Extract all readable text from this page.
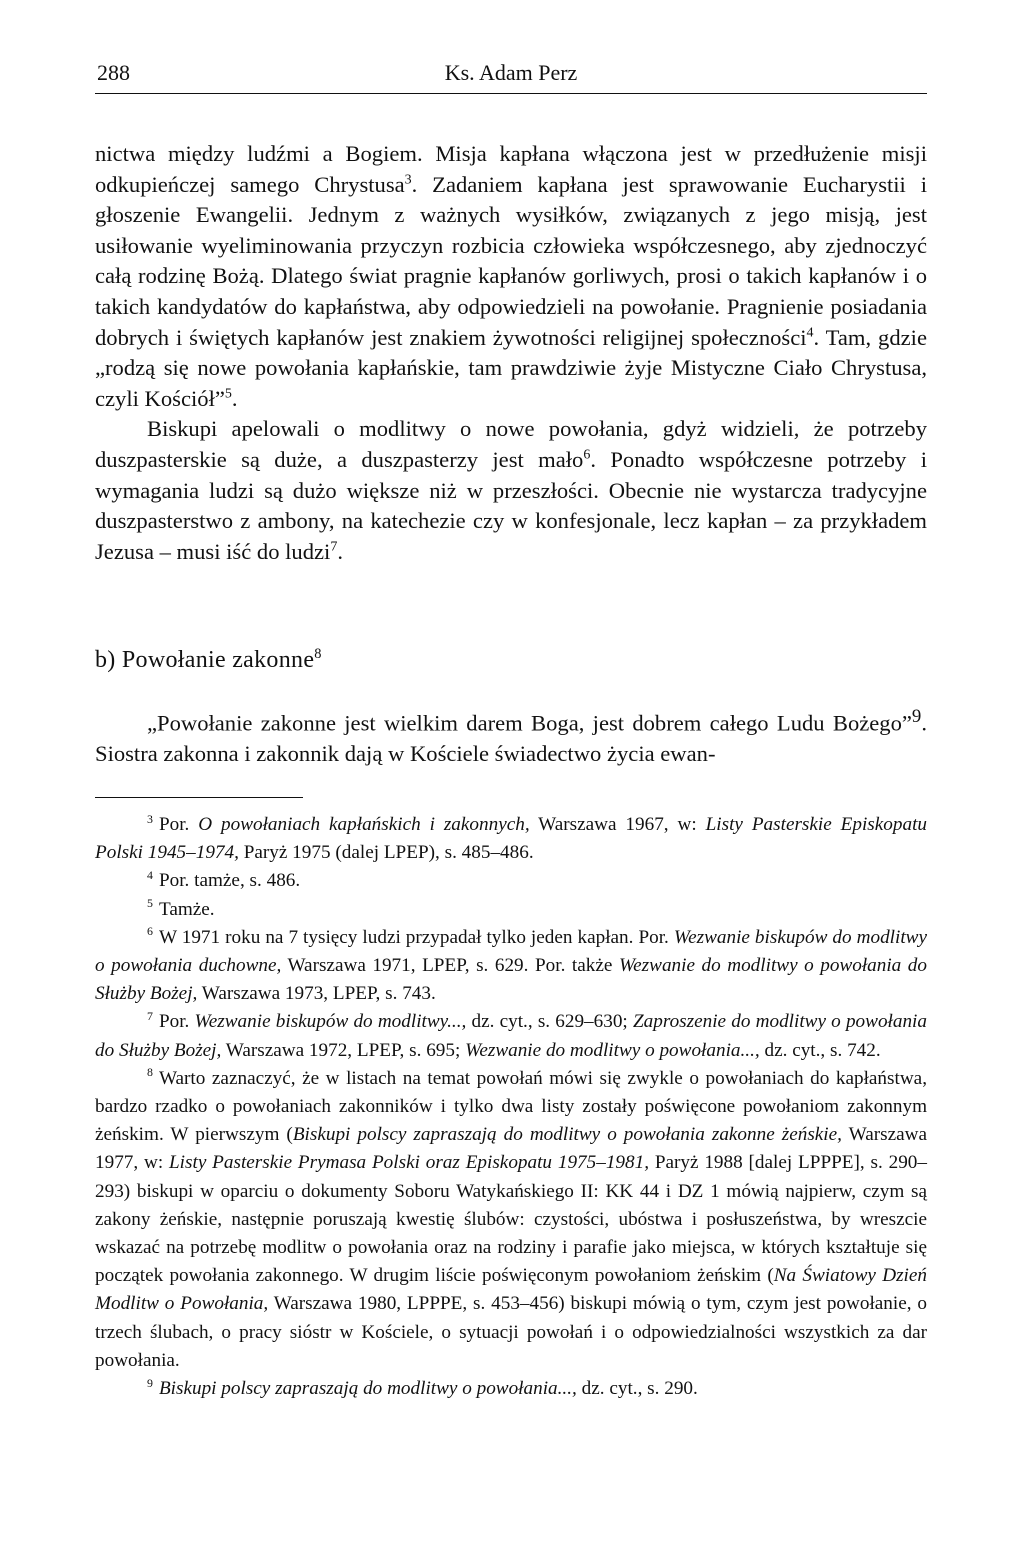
288	Ks. Adam Perz

nictwa między ludźmi a Bogiem. Misja kapłana włączona jest w przedłużenie misji odkupieńczej samego Chrystusa$^3$. Zadaniem kapłana jest sprawowanie Eucharystii i głoszenie Ewangelii. Jednym z ważnych wysiłków, związanych z jego misją, jest usiłowanie wyeliminowania przyczyn rozbicia człowieka współczesnego, aby zjednoczyć całą rodzinę Bożą. Dlatego świat pragnie kapłanów gorliwych, prosi o takich kapłanów i o takich kandydatów do kapłaństwa, aby odpowiedzieli na powołanie. Pragnienie posiadania dobrych i świętych kapłanów jest znakiem żywotności religijnej społeczności$^4$. Tam, gdzie „rodzą się nowe powołania kapłańskie, tam prawdziwie żyje Mistyczne Ciało Chrystusa, czyli Kościół”$^5$.

Biskupi apelowali o modlitwy o nowe powołania, gdyż widzieli, że potrzeby duszpasterskie są duże, a duszpasterzy jest mało$^6$. Ponadto współczesne potrzeby i wymagania ludzi są dużo większe niż w przeszłości. Obecnie nie wystarcza tradycyjne duszpasterstwo z ambony, na katechezie czy w konfesjonale, lecz kapłan – za przykładem Jezusa – musi iść do ludzi$^7$.

b) Powołanie zakonne$^8$

„Powołanie zakonne jest wielkim darem Boga, jest dobrem całego Ludu Bożego”$^9$. Siostra zakonna i zakonnik dają w Kościele świadectwo życia ewan-

$^3$ Por. O powołaniach kapłańskich i zakonnych, Warszawa 1967, w: Listy Pasterskie Episkopatu Polski 1945–1974, Paryż 1975 (dalej LPEP), s. 485–486.

$^4$ Por. tamże, s. 486.

$^5$ Tamże.

$^6$ W 1971 roku na 7 tysięcy ludzi przypadał tylko jeden kapłan. Por. Wezwanie biskupów do modlitwy o powołania duchowne, Warszawa 1971, LPEP, s. 629. Por. także Wezwanie do modlitwy o powołania do Służby Bożej, Warszawa 1973, LPEP, s. 743.

$^7$ Por. Wezwanie biskupów do modlitwy..., dz. cyt., s. 629–630; Zaproszenie do modlitwy o powołania do Służby Bożej, Warszawa 1972, LPEP, s. 695; Wezwanie do modlitwy o powołania..., dz. cyt., s. 742.

$^8$ Warto zaznaczyć, że w listach na temat powołań mówi się zwykle o powołaniach do kapłaństwa, bardzo rzadko o powołaniach zakonników i tylko dwa listy zostały poświęcone powołaniom zakonnym żeńskim. W pierwszym (Biskupi polscy zapraszają do modlitwy o powołania zakonne żeńskie, Warszawa 1977, w: Listy Pasterskie Prymasa Polski oraz Episkopatu 1975–1981, Paryż 1988 [dalej LPPPE], s. 290–293) biskupi w oparciu o dokumenty Soboru Watykańskiego II: KK 44 i DZ 1 mówią najpierw, czym są zakony żeńskie, następnie poruszają kwestię ślubów: czystości, ubóstwa i posłuszeństwa, by wreszcie wskazać na potrzebę modlitw o powołania oraz na rodziny i parafie jako miejsca, w których kształtuje się początek powołania zakonnego. W drugim liście poświęconym powołaniom żeńskim (Na Światowy Dzień Modlitw o Powołania, Warszawa 1980, LPPPE, s. 453–456) biskupi mówią o tym, czym jest powołanie, o trzech ślubach, o pracy sióstr w Kościele, o sytuacji powołań i o odpowiedzialności wszystkich za dar powołania.

$^9$ Biskupi polscy zapraszają do modlitwy o powołania..., dz. cyt., s. 290.
